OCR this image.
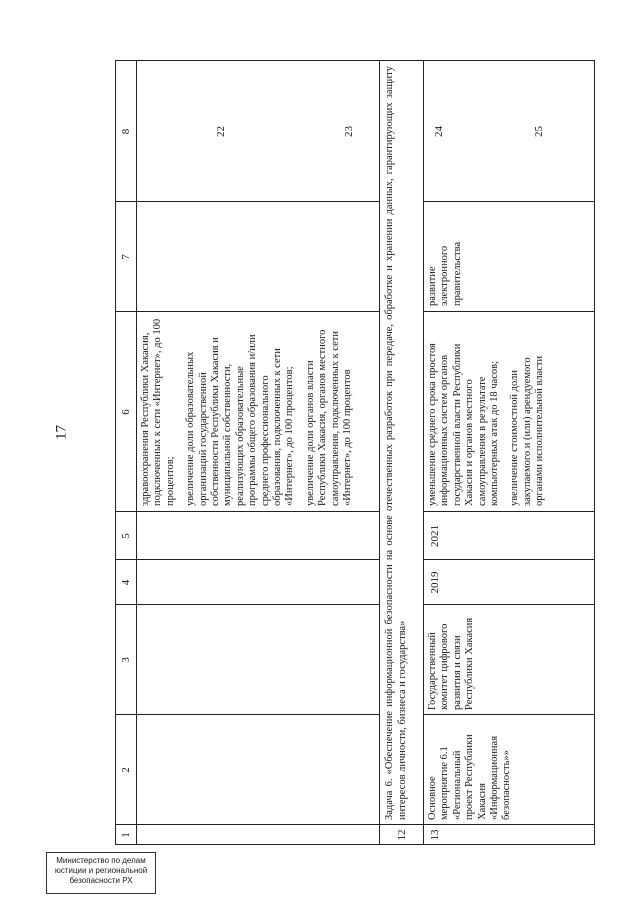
17
Министерство по делам
юстиции и региональной
безопасности РХ
1
2
3
4
5
6
7
8
здравоохранения Республики Хакасия, подключенных к сети «Интернет», до 100 процентов; увеличение доли образовательных организаций государственной собственности Республики Хакасия и муниципальной собственности, реализующих образовательные программы общего образования и/или среднего профессионального образования, подключенных к сети «Интернет», до 100 процентов; увеличение доли органов власти Республики Хакасия, органов местного самоуправления, подключенных к сети «Интернет», до 100 процентов
22	23
12
Задача 6. «Обеспечение информационной безопасности на основе отечественных разработок при передаче, обработке и хранении данных, гарантирующих защиту интересов личности, бизнеса и государства»
13
Основное мероприятие 6.1 «Региональный проект Республики Хакасия «Информационная безопасность»»
Государственный комитет цифрового развития и связи Республики Хакасия
2019
2021
уменьшение среднего срока простоя информационных систем органов государственной власти Республики Хакасия и органов местного самоуправления в результате компьютерных атак до 18 часов; увеличение стоимостной доли закупаемого и (или) арендуемого органами исполнительной власти
развитие электронного правительства
24	25
